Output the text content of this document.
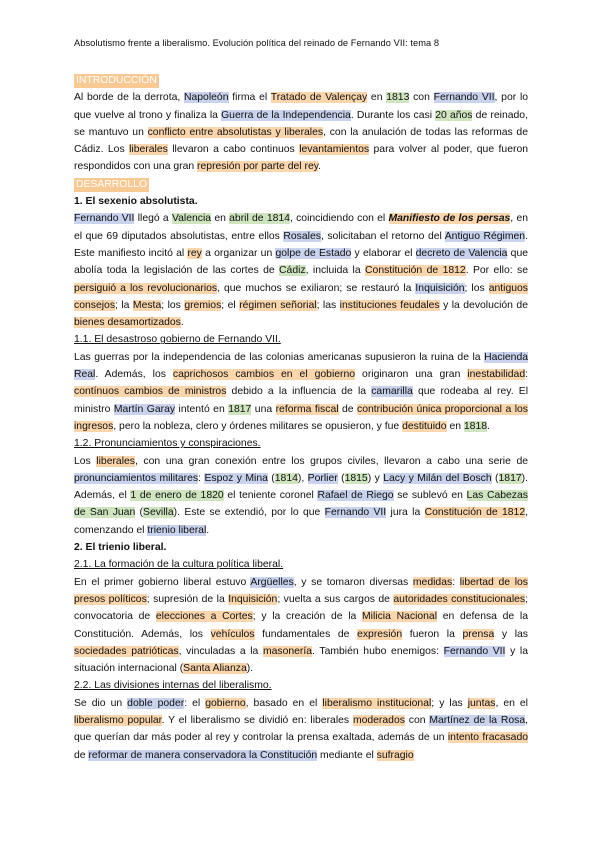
Absolutismo frente a liberalismo. Evolución política del reinado de Fernando VII: tema 8
INTRODUCCIÓN
Al borde de la derrota, Napoleón firma el Tratado de Valençay en 1813 con Fernando VII, por lo que vuelve al trono y finaliza la Guerra de la Independencia. Durante los casi 20 años de reinado, se mantuvo un conflicto entre absolutistas y liberales, con la anulación de todas las reformas de Cádiz. Los liberales llevaron a cabo continuos levantamientos para volver al poder, que fueron respondidos con una gran represión por parte del rey.
DESARROLLO
1. El sexenio absolutista.
Fernando VII llegó a Valencia en abril de 1814, coincidiendo con el Manifiesto de los persas, en el que 69 diputados absolutistas, entre ellos Rosales, solicitaban el retorno del Antiguo Régimen. Este manifiesto incitó al rey a organizar un golpe de Estado y elaborar el decreto de Valencia que abolía toda la legislación de las cortes de Cádiz, incluida la Constitución de 1812. Por ello: se persiguió a los revolucionarios, que muchos se exiliaron; se restauró la Inquisición; los antiguos consejos; la Mesta; los gremios; el régimen señorial; las instituciones feudales y la devolución de bienes desamortizados.
1.1. El desastroso gobierno de Fernando VII.
Las guerras por la independencia de las colonias americanas supusieron la ruina de la Hacienda Real. Además, los caprichosos cambios en el gobierno originaron una gran inestabilidad: contínuos cambios de ministros debido a la influencia de la camarilla que rodeaba al rey. El ministro Martín Garay intentó en 1817 una reforma fiscal de contribución única proporcional a los ingresos, pero la nobleza, clero y órdenes militares se opusieron, y fue destituido en 1818.
1.2. Pronunciamientos y conspiraciones.
Los liberales, con una gran conexión entre los grupos civiles, llevaron a cabo una serie de pronunciamientos militares: Espoz y Mina (1814), Porlier (1815) y Lacy y Milán del Bosch (1817). Además, el 1 de enero de 1820 el teniente coronel Rafael de Riego se sublevó en Las Cabezas de San Juan (Sevilla). Este se extendió, por lo que Fernando VII jura la Constitución de 1812, comenzando el trienio liberal.
2. El trienio liberal.
2.1. La formación de la cultura política liberal.
En el primer gobierno liberal estuvo Argüelles, y se tomaron diversas medidas: libertad de los presos políticos; supresión de la Inquisición; vuelta a sus cargos de autoridades constitucionales; convocatoria de elecciones a Cortes; y la creación de la Milicia Nacional en defensa de la Constitución. Además, los vehículos fundamentales de expresión fueron la prensa y las sociedades patrióticas, vinculadas a la masonería. También hubo enemigos: Fernando VII y la situación internacional (Santa Alianza).
2.2. Las divisiones internas del liberalismo.
Se dio un doble poder: el gobierno, basado en el liberalismo institucional; y las juntas, en el liberalismo popular. Y el liberalismo se dividió en: liberales moderados con Martínez de la Rosa, que querían dar más poder al rey y controlar la prensa exaltada, además de un intento fracasado de reformar de manera conservadora la Constitución mediante el sufragio
